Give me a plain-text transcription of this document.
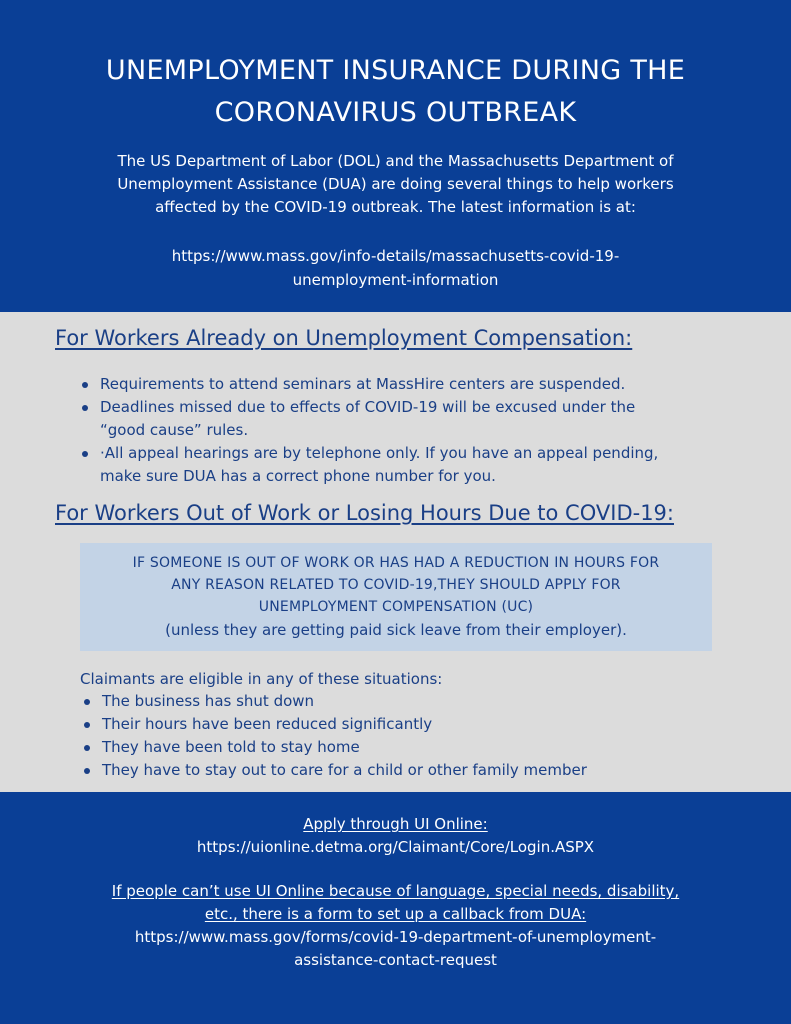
UNEMPLOYMENT INSURANCE DURING THE
CORONAVIRUS OUTBREAK

The US Department of Labor (DOL) and the Massachusetts Department of
Unemployment Assistance (DUA) are doing several things to help workers
affected by the COVID-19 outbreak. The latest information is at:

https://www.mass.gov/info-details/massachusetts-covid-19-
unemployment-information

For Workers Already on Unemployment Compensation:
Requirements to attend seminars at MassHire centers are suspended.
Deadlines missed due to effects of COVID-19 will be excused under the
“good cause” rules.
·All appeal hearings are by telephone only. If you have an appeal pending,
make sure DUA has a correct phone number for you.
For Workers Out of Work or Losing Hours Due to COVID-19:

IF SOMEONE IS OUT OF WORK OR HAS HAD A REDUCTION IN HOURS FOR
ANY REASON RELATED TO COVID-19,THEY SHOULD APPLY FOR
UNEMPLOYMENT COMPENSATION (UC)

(unless they are getting paid sick leave from their employer).

Claimants are eligible in any of these situations:

The business has shut down
Their hours have been reduced significantly
They have been told to stay home
They have to stay out to care for a child or other family member

Apply through UI Online:

https://uionline.detma.org/Claimant/Core/Login.ASPX

If people can’t use UI Online because of language, special needs, disability,
etc., there is a form to set up a callback from DUA:

https://www.mass.gov/forms/covid-19-department-of-unemployment-
assistance-contact-request
